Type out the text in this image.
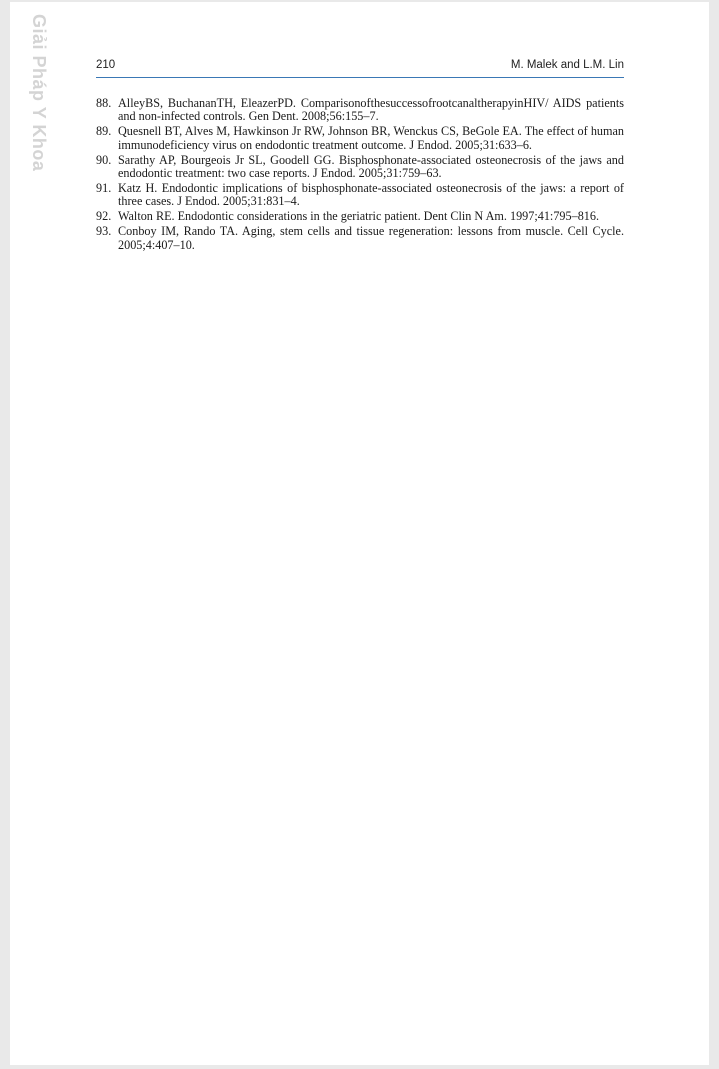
Giải Pháp Y Khoa	210	M. Malek and L.M. Lin
88. AlleyBS, BuchananTH, EleazerPD. ComparisonofthesuccessofrootcanaltherapyinHIV/ AIDS patients and non-infected controls. Gen Dent. 2008;56:155–7.
89. Quesnell BT, Alves M, Hawkinson Jr RW, Johnson BR, Wenckus CS, BeGole EA. The effect of human immunodeficiency virus on endodontic treatment outcome. J Endod. 2005;31:633–6.
90. Sarathy AP, Bourgeois Jr SL, Goodell GG. Bisphosphonate-associated osteonecrosis of the jaws and endodontic treatment: two case reports. J Endod. 2005;31:759–63.
91. Katz H. Endodontic implications of bisphosphonate-associated osteonecrosis of the jaws: a report of three cases. J Endod. 2005;31:831–4.
92. Walton RE. Endodontic considerations in the geriatric patient. Dent Clin N Am. 1997;41:795–816.
93. Conboy IM, Rando TA. Aging, stem cells and tissue regeneration: lessons from muscle. Cell Cycle. 2005;4:407–10.
